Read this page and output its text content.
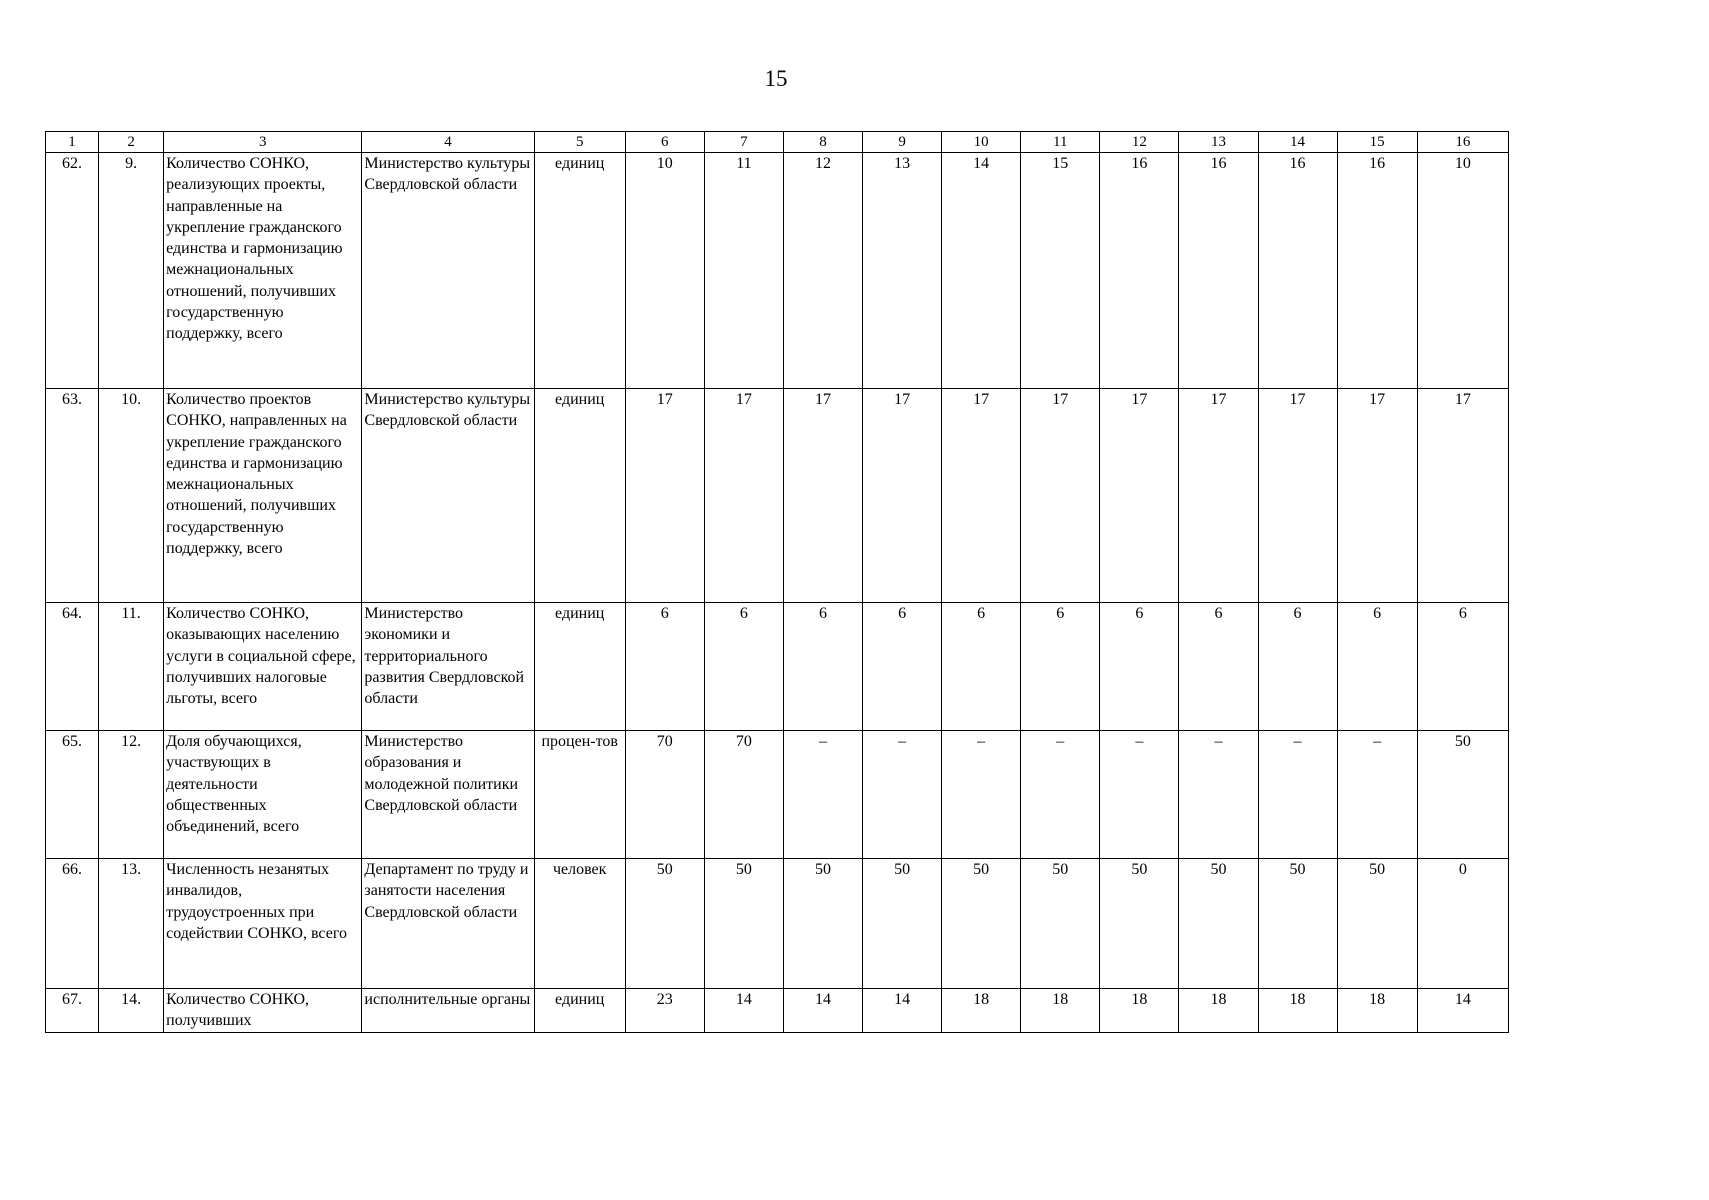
15
1	2	3	4	5	6	7	8	9	10	11	12	13	14	15	16
62.	9.	Количество СОНКО, реализующих проекты, направленные на укрепление гражданского единства и гармонизацию межнациональных отношений, получивших государственную поддержку, всего	Министерство культуры Свердловской области	единиц	10	11	12	13	14	15	16	16	16	16	10
63.	10.	Количество проектов СОНКО, направленных на укрепление гражданского единства и гармонизацию межнациональных отношений, получивших государственную поддержку, всего	Министерство культуры Свердловской области	единиц	17	17	17	17	17	17	17	17	17	17	17
64.	11.	Количество СОНКО, оказывающих населению услуги в социальной сфере, получивших налоговые льготы, всего	Министерство экономики и территориального развития Свердловской области	единиц	6	6	6	6	6	6	6	6	6	6	6
65.	12.	Доля обучающихся, участвующих в деятельности общественных объединений, всего	Министерство образования и молодежной политики Свердловской области	процен-тов	70	70	–	–	–	–	–	–	–	–	50
66.	13.	Численность незанятых инвалидов, трудоустроенных при содействии СОНКО, всего	Департамент по труду и занятости населения Свердловской области	человек	50	50	50	50	50	50	50	50	50	50	0
67.	14.	Количество СОНКО, получивших	исполнительные органы	единиц	23	14	14	14	18	18	18	18	18	18	14
